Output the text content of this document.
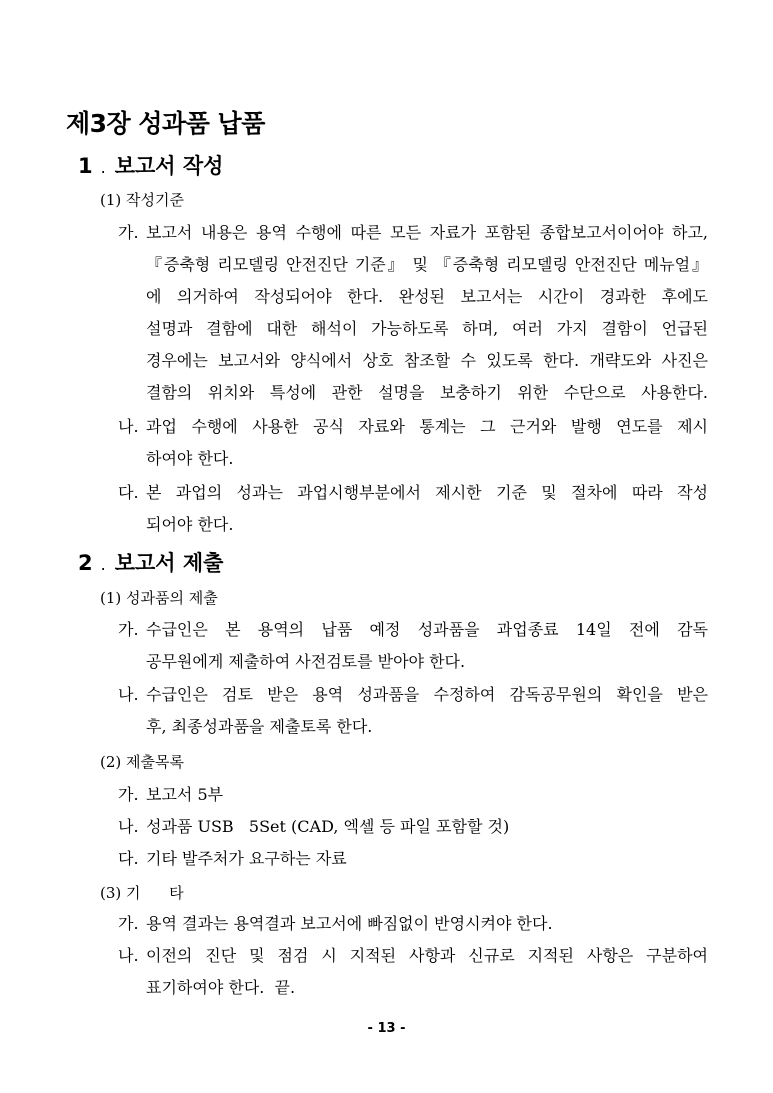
제3장 성과품 납품
1 . 보고서 작성
(1) 작성기준
가. 보고서 내용은 용역 수행에 따른 모든 자료가 포함된 종합보고서이어야 하고,
『증축형 리모델링 안전진단 기준』 및 『증축형 리모델링 안전진단 메뉴얼』
에 의거하여 작성되어야 한다. 완성된 보고서는 시간이 경과한 후에도
설명과 결함에 대한 해석이 가능하도록 하며, 여러 가지 결함이 언급된
경우에는 보고서와 양식에서 상호 참조할 수 있도록 한다. 개략도와 사진은
결함의 위치와 특성에 관한 설명을 보충하기 위한 수단으로 사용한다.
나. 과업 수행에 사용한 공식 자료와 통계는 그 근거와 발행 연도를 제시
하여야 한다.
다. 본 과업의 성과는 과업시행부분에서 제시한 기준 및 절차에 따라 작성
되어야 한다.
2 . 보고서 제출
(1) 성과품의 제출
가. 수급인은 본 용역의 납품 예정 성과품을 과업종료 14일 전에 감독
공무원에게 제출하여 사전검토를 받아야 한다.
나. 수급인은 검토 받은 용역 성과품을 수정하여 감독공무원의 확인을 받은
후, 최종성과품을 제출토록 한다.
(2) 제출목록
가. 보고서 5부
나. 성과품 USB   5Set (CAD, 엑셀 등 파일 포함할 것)
다. 기타 발주처가 요구하는 자료
(3) 기      타
가. 용역 결과는 용역결과 보고서에 빠짐없이 반영시켜야 한다.
나. 이전의 진단 및 점검 시 지적된 사항과 신규로 지적된 사항은 구분하여
표기하여야 한다.  끝.
- 13 -
